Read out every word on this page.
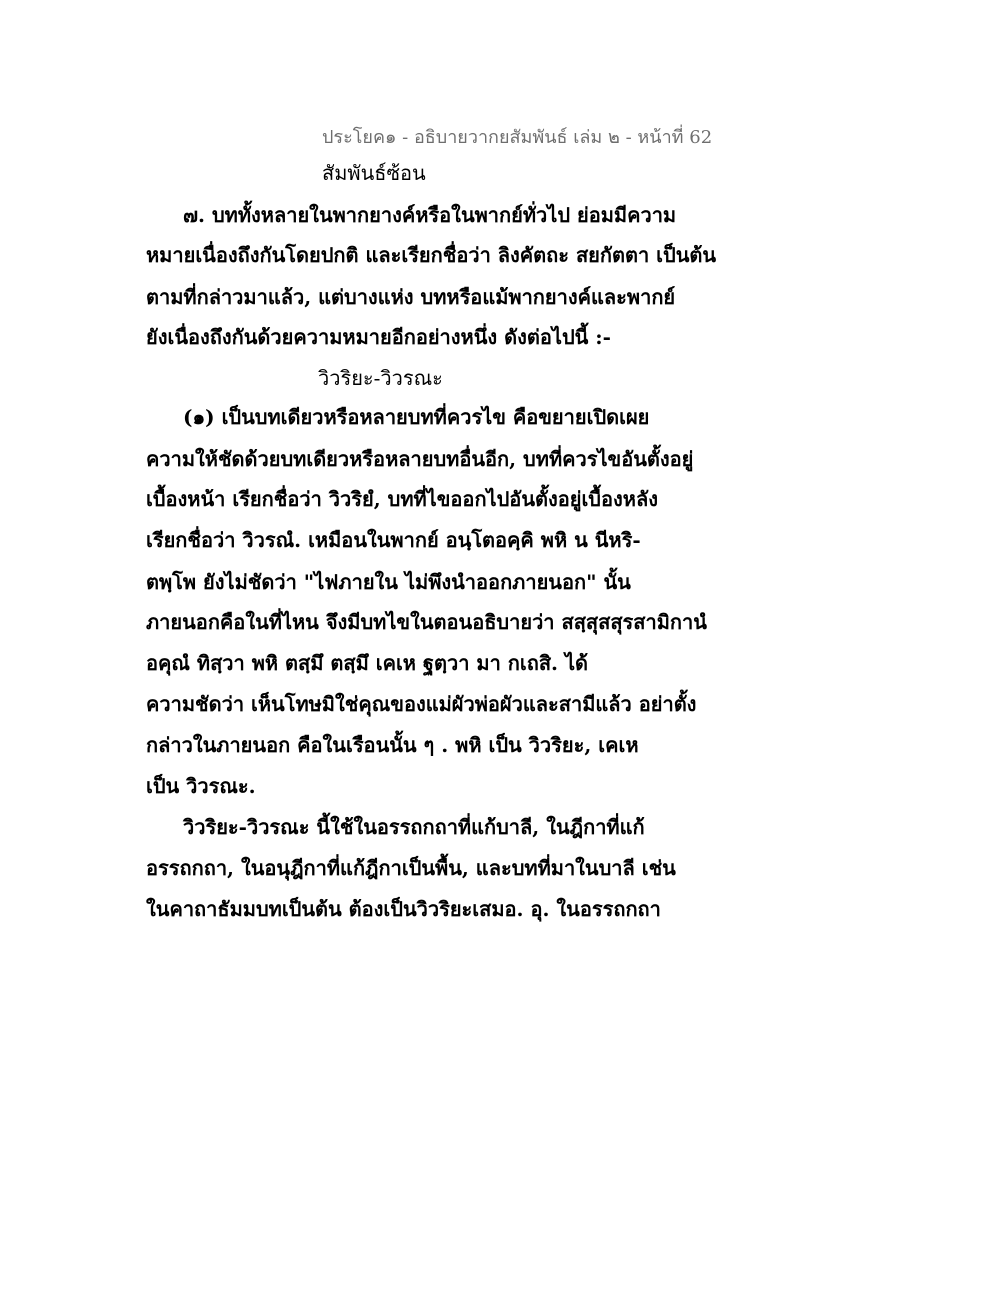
ประโยค๑ - อธิบายวากยสัมพันธ์ เล่ม ๒ - หน้าที่ 62
สัมพันธ์ซ้อน
๗. บททั้งหลายในพากยางค์หรือในพากย์ทั่วไป ย่อมมีความ
หมายเนื่องถึงกันโดยปกติ และเรียกชื่อว่า ลิงคัตถะ สยกัตตา เป็นต้น
ตามที่กล่าวมาแล้ว, แต่บางแห่ง บทหรือแม้พากยางค์และพากย์
ยังเนื่องถึงกันด้วยความหมายอีกอย่างหนึ่ง ดังต่อไปนี้ :-
วิวริยะ-วิวรณะ
(๑) เป็นบทเดียวหรือหลายบทที่ควรไข คือขยายเปิดเผย
ความให้ชัดด้วยบทเดียวหรือหลายบทอื่นอีก, บทที่ควรไขอันตั้งอยู่
เบื้องหน้า เรียกชื่อว่า วิวริยํ, บทที่ไขออกไปอันตั้งอยู่เบื้องหลัง
เรียกชื่อว่า วิวรณํ. เหมือนในพากย์ อนฺโตอคฺคิ พหิ น นีหริ-
ตพฺโพ ยังไม่ชัดว่า "ไฟภายใน ไม่พึงนำออกภายนอก" นั้น
ภายนอกคือในที่ไหน จึงมีบทไขในตอนอธิบายว่า สสฺสุสสุรสามิกานํ
อคุณํ ทิสฺวา พหิ ตสฺมึ ตสฺมึ เคเห ฐตฺวา มา กเถสิ. ได้
ความชัดว่า เห็นโทษมิใช่คุณของแม่ผัวพ่อผัวและสามีแล้ว อย่าตั้ง
กล่าวในภายนอก คือในเรือนนั้น ๆ . พหิ เป็น วิวริยะ, เคเห
เป็น วิวรณะ.
วิวริยะ-วิวรณะ นี้ใช้ในอรรถกถาที่แก้บาลี, ในฎีกาที่แก้
อรรถกถา, ในอนุฎีกาที่แก้ฎีกาเป็นพื้น, และบทที่มาในบาลี เช่น
ในคาถาธัมมบทเป็นต้น ต้องเป็นวิวริยะเสมอ. อุ. ในอรรถกถา
